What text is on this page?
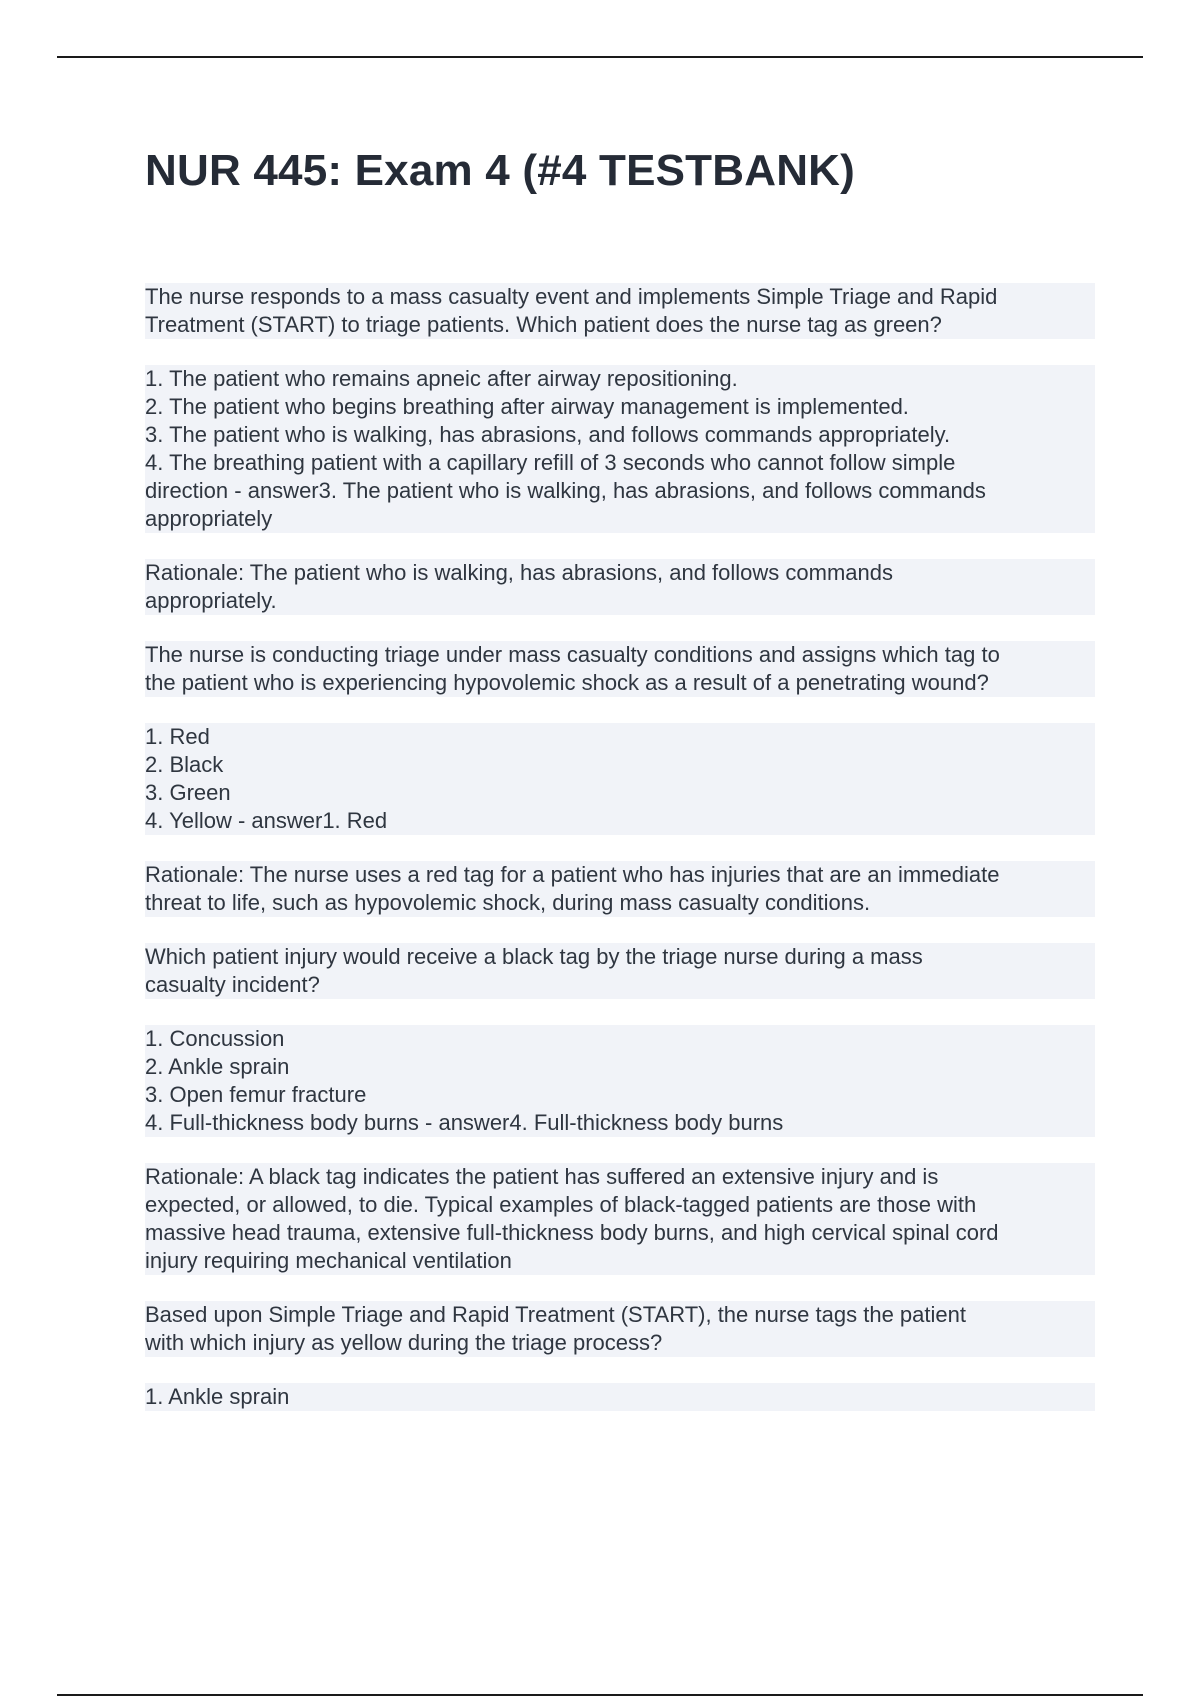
NUR 445: Exam 4 (#4 TESTBANK)
The nurse responds to a mass casualty event and implements Simple Triage and Rapid
Treatment (START) to triage patients. Which patient does the nurse tag as green?
1. The patient who remains apneic after airway repositioning.
2. The patient who begins breathing after airway management is implemented.
3. The patient who is walking, has abrasions, and follows commands appropriately.
4. The breathing patient with a capillary refill of 3 seconds who cannot follow simple
direction - answer3. The patient who is walking, has abrasions, and follows commands
appropriately
Rationale: The patient who is walking, has abrasions, and follows commands
appropriately.
The nurse is conducting triage under mass casualty conditions and assigns which tag to
the patient who is experiencing hypovolemic shock as a result of a penetrating wound?
1. Red
2. Black
3. Green
4. Yellow - answer1. Red
Rationale: The nurse uses a red tag for a patient who has injuries that are an immediate
threat to life, such as hypovolemic shock, during mass casualty conditions.
Which patient injury would receive a black tag by the triage nurse during a mass
casualty incident?
1. Concussion
2. Ankle sprain
3. Open femur fracture
4. Full-thickness body burns - answer4. Full-thickness body burns
Rationale: A black tag indicates the patient has suffered an extensive injury and is
expected, or allowed, to die. Typical examples of black-tagged patients are those with
massive head trauma, extensive full-thickness body burns, and high cervical spinal cord
injury requiring mechanical ventilation
Based upon Simple Triage and Rapid Treatment (START), the nurse tags the patient
with which injury as yellow during the triage process?
1. Ankle sprain
